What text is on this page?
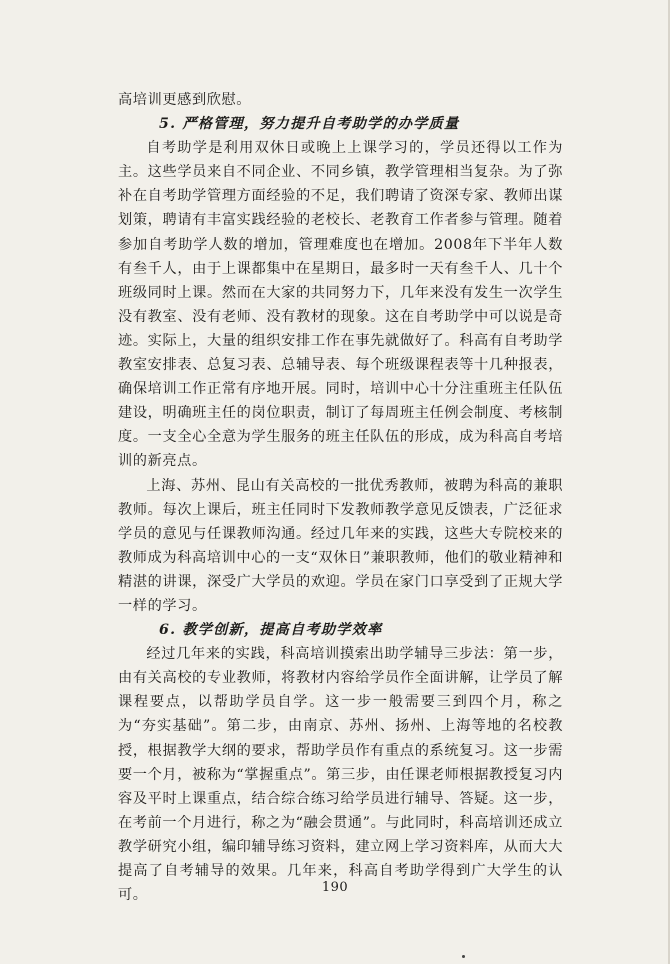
高培训更感到欣慰。

5. 严格管理，努力提升自考助学的办学质量

自考助学是利用双休日或晚上上课学习的，学员还得以工作为主。这些学员来自不同企业、不同乡镇，教学管理相当复杂。为了弥补在自考助学管理方面经验的不足，我们聘请了资深专家、教师出谋划策，聘请有丰富实践经验的老校长、老教育工作者参与管理。随着参加自考助学人数的增加，管理难度也在增加。2008年下半年人数有叁千人，由于上课都集中在星期日，最多时一天有叁千人、几十个班级同时上课。然而在大家的共同努力下，几年来没有发生一次学生没有教室、没有老师、没有教材的现象。这在自考助学中可以说是奇迹。实际上，大量的组织安排工作在事先就做好了。科高有自考助学教室安排表、总复习表、总辅导表、每个班级课程表等十几种报表，确保培训工作正常有序地开展。同时，培训中心十分注重班主任队伍建设，明确班主任的岗位职责，制订了每周班主任例会制度、考核制度。一支全心全意为学生服务的班主任队伍的形成，成为科高自考培训的新亮点。

上海、苏州、昆山有关高校的一批优秀教师，被聘为科高的兼职教师。每次上课后，班主任同时下发教师教学意见反馈表，广泛征求学员的意见与任课教师沟通。经过几年来的实践，这些大专院校来的教师成为科高培训中心的一支“双休日”兼职教师，他们的敬业精神和精湛的讲课，深受广大学员的欢迎。学员在家门口享受到了正规大学一样的学习。

6. 教学创新，提高自考助学效率

经过几年来的实践，科高培训摸索出助学辅导三步法：第一步，由有关高校的专业教师，将教材内容给学员作全面讲解，让学员了解课程要点，以帮助学员自学。这一步一般需要三到四个月，称之为“夯实基础”。第二步，由南京、苏州、扬州、上海等地的名校教授，根据教学大纲的要求，帮助学员作有重点的系统复习。这一步需要一个月，被称为“掌握重点”。第三步，由任课老师根据教授复习内容及平时上课重点，结合综合练习给学员进行辅导、答疑。这一步，在考前一个月进行，称之为“融会贯通”。与此同时，科高培训还成立教学研究小组，编印辅导练习资料，建立网上学习资料库，从而大大提高了自考辅导的效果。几年来，科高自考助学得到广大学生的认可。	190
